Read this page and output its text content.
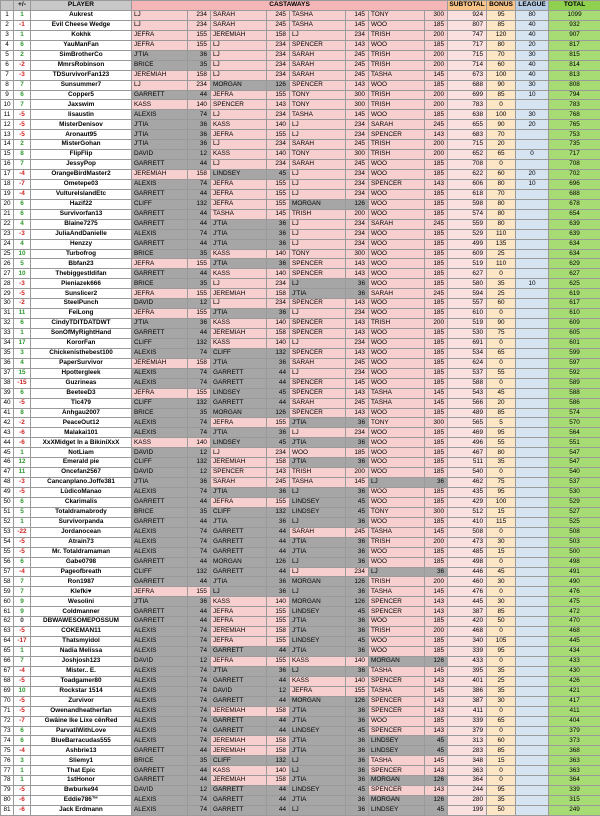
	+/-	PLAYER	CASTAWAYS								SUBTOTAL	BONUS	LEAGUE	TOTAL
1	1	Aukrest	LJ	234	SARAH	245	TASHA	145	TONY	300	924	95	80	1099
2	-1	Evil Cheese Wedge	LJ	234	SARAH	245	TASHA	145	WOO	185	807	85	40	932
3	1	Kokhk	JEFRA	155	JEREMIAH	158	LJ	234	TRISH	200	747	120	40	907
4	6	YauManFan	JEFRA	155	LJ	234	SPENCER	143	WOO	185	717	80	20	817
5	2	SimBrotherCo	J'TIA	36	LJ	234	SARAH	245	TRISH	200	715	70	30	815
6	-2	MmrsRobinson	BRICE	35	LJ	234	SARAH	245	TRISH	200	714	60	40	814
7	-3	TDSurvivorFan123	JEREMIAH	158	LJ	234	SARAH	245	TASHA	145	673	100	40	813
8	7	Sunsummer7	LJ	234	MORGAN	126	SPENCER	143	WOO	185	688	90	30	808
9	6	Copper5	GARRETT	44	JEFRA	155	TONY	300	TRISH	200	699	85	10	794
10	7	Jaxswim	KASS	140	SPENCER	143	TONY	300	TRISH	200	783	0		783
11	-5	Iisaustin	ALEXIS	74	LJ	234	TASHA	145	WOO	185	638	100	30	768
12	-5	MisterDenisov	J'TIA	36	KASS	140	LJ	234	SARAH	245	655	90	20	765
13	-5	Aronaut95	J'TIA	36	JEFRA	155	LJ	234	SPENCER	143	683	70		753
14	2	MisterGohan	J'TIA	36	LJ	234	SARAH	245	TRISH	200	715	20		735
15	8	FlipFlip	DAVID	12	KASS	140	TONY	300	TRISH	200	652	65	0	717
16	7	JessyPop	GARRETT	44	LJ	234	SARAH	245	WOO	185	708	0		708
17	-4	OrangeBirdMaster2	JEREMIAH	158	LINDSEY	45	LJ	234	WOO	185	622	60	20	702
18	-7	Ometepe03	ALEXIS	74	JEFRA	155	LJ	234	SPENCER	143	606	80	10	696
19	-4	VultureIslandEtc	GARRETT	44	JEFRA	155	LJ	234	WOO	185	618	70		688
20	6	Hazif22	CLIFF	132	JEFRA	155	MORGAN	126	WOO	185	598	80		678
21	6	Survivorfan13	GARRETT	44	TASHA	145	TRISH	200	WOO	185	574	80		654
22	4	Blaine7275	GARRETT	44	J'TIA	36	LJ	234	SARAH	245	559	80		639
23	-3	JuliaAndDanielle	ALEXIS	74	J'TIA	36	LJ	234	WOO	185	529	110		639
24	4	Henzzy	GARRETT	44	J'TIA	36	LJ	234	WOO	185	499	135		634
25	10	Turbofrog	BRICE	35	KASS	140	TONY	300	WOO	185	609	25		634
26	5	Bbfan23	JEFRA	155	J'TIA	36	SPENCER	143	WOO	185	519	110		629
27	10	Thebiggestldifan	GARRETT	44	KASS	140	SPENCER	143	WOO	185	627	0		627
28	-3	Pieniazek666	BRICE	35	LJ	234	LJ	36	WOO	185	580	35	10	625
29	-5	Sunslicer2	JEFRA	155	JEREMIAH	158	J'TIA	36	SARAH	245	594	25		619
30	-2	SteelPunch	DAVID	12	LJ	234	SPENCER	143	WOO	185	557	60		617
31	11	FeiLong	JEFRA	155	J'TIA	36	LJ	234	WOO	185	610	0		610
32	6	CindyTDITDATDWT	J'TIA	36	KASS	140	SPENCER	143	TRISH	200	519	90		609
33	1	SonOfMyRightHand	GARRETT	44	JEREMIAH	158	SPENCER	143	WOO	185	530	75		605
34	17	KororFan	CLIFF	132	KASS	140	LJ	234	WOO	185	691	0		601
35	3	Chickenisthebest100	ALEXIS	74	CLIFF	132	SPENCER	143	WOO	185	534	65		599
36	4	PaperSurvivor	JEREMIAH	158	J'TIA	36	SARAH	245	WOO	185	624	0		597
37	15	Hpottergleek	ALEXIS	74	GARRETT	44	LJ	234	WOO	185	537	55		592
38	-15	Guzrineas	ALEXIS	74	GARRETT	44	SPENCER	145	WOO	185	588	0		589
39	6	BeeteeD3	JEFRA	155	LINDSEY	45	SPENCER	143	TASHA	145	543	45		588
40	-5	Tlc479	CLIFF	132	GARRETT	44	SARAH	245	TASHA	145	566	20		586
41	8	Anhgau2007	BRICE	35	MORGAN	126	SPENCER	143	WOO	185	489	85		574
42	-2	PeaceOut12	ALEXIS	74	JEFRA	155	J'TIA	36	TONY	300	565	5		570
43	-6	Malakai101	ALEXIS	74	J'TIA	36	LJ	234	WOO	185	469	95		564
44	-6	XxXMidget In a BikiniXxX	KASS	140	LINDSEY	45	J'TIA	36	WOO	185	496	55		551
45	1	NotLiam	DAVID	12	LJ	234	WOO	185	WOO	185	467	80		547
46	12	Emerald pie	CLIFF	132	JEREMIAH	158	J'TIA	36	WOO	185	511	35		547
47	11	Oncefan2567	DAVID	12	SPENCER	143	TRISH	200	WOO	185	540	0		540
48	-3	Cancanplano.Joffe381	J'TIA	36	SARAH	245	TASHA	145	LJ	36	462	75		537
49	-5	LûdicoManao	ALEXIS	74	J'TIA	36	LJ	36	WOO	185	435	95		530
50	6	Ckarimalis	GARRETT	44	JEFRA	155	LINDSEY	45	WOO	185	429	100		529
51	5	Totaldramabrody	BRICE	35	CLIFF	132	LINDSEY	45	TONY	300	512	15		527
52	1	Survivorpanda	GARRETT	44	J'TIA	36	LJ	36	WOO	185	410	115		525
53	-22	Jordanocean	ALEXIS	74	GARRETT	44	SARAH	245	TASHA	145	508	0		508
54	-5	Atrain73	ALEXIS	74	GARRETT	44	J'TIA	36	TRISH	200	473	30		503
55	-5	Mr. Totaldramaman	ALEXIS	74	GARRETT	44	J'TIA	36	WOO	185	485	15		500
56	6	Gabe0798	GARRETT	44	MORGAN	126	LJ	36	WOO	185	498	0		498
57	-4	Pageofbreath	CLIFF	132	GARRETT	44	LJ	234	LJ	36	446	45		491
58	7	Ron1987	GARRETT	44	J'TIA	36	MORGAN	126	TRISH	200	460	30		490
59	7	Klefki♥	JEFRA	155	LJ	36	LJ	36	TASHA	145	476	0		476
60	9	Wesolini	J'TIA	36	KASS	140	MORGAN	126	SPENCER	143	445	30		475
61	9	Coldmanner	GARRETT	44	JEFRA	155	LINDSEY	45	SPENCER	143	387	85		472
62	0	DBWAWESOMEPOSSUM	GARRETT	44	JEFRA	155	J'TIA	36	WOO	185	420	50		470
63	-5	COKEMAN11	ALEXIS	74	JEREMIAH	158	J'TIA	36	TRISH	200	468	0		468
64	-17	Thatsmyidol	ALEXIS	74	JEFRA	155	LINDSEY	45	WOO	185	340	105		445
65	1	Nadia Melissa	ALEXIS	74	GARRETT	44	J'TIA	36	WOO	185	339	95		434
66	7	Joshjosh123	DAVID	12	JEFRA	155	KASS	140	MORGAN	126	433	0		433
67	-4	Mister.. E.	ALEXIS	74	J'TIA	36	LJ	36	TASHA	145	395	35		430
68	-5	Toadgamer80	ALEXIS	74	GARRETT	44	KASS	140	SPENCER	143	401	25		426
69	10	Rockstar 1514	ALEXIS	74	DAVID	12	JEFRA	155	TASHA	145	386	35		421
70	-5	Zurvivor	ALEXIS	74	GARRETT	44	MORGAN	126	SPENCER	143	387	30		417
71	-5	Owenandheatherfan	ALEXIS	74	JEREMIAH	158	J'TIA	36	SPENCER	143	411	0		411
72	-7	Gwâine Ike Lixe cênRed	ALEXIS	74	GARRETT	44	J'TIA	36	WOO	185	339	65		404
73	6	ParvatiWithLove	ALEXIS	74	GARRETT	44	LINDSEY	45	SPENCER	143	379	0		379
74	6	BlueBarracudas555	ALEXIS	74	JEREMIAH	158	J'TIA	36	LINDSEY	45	313	60		373
75	-4	Ashbrie13	GARRETT	44	JEREMIAH	158	J'TIA	36	LINDSEY	45	283	85		368
76	3	Sliemy1	BRICE	35	CLIFF	132	LJ	36	TASHA	145	348	15		363
77	1	That Epic	GARRETT	44	KASS	140	LJ	36	SPENCER	143	363	0		363
78	1	1stHonor	GARRETT	44	JEREMIAH	158	J'TIA	36	MORGAN	126	364	0		364
79	-5	Bwburke94	DAVID	12	GARRETT	44	LINDSEY	45	SPENCER	143	244	95		339
80	-6	Eddie786™	ALEXIS	74	GARRETT	44	J'TIA	36	MORGAN	126	280	35		315
81	-6	Jack Erdmann	ALEXIS	74	GARRETT	44	LJ	36	LINDSEY	45	199	50		249
